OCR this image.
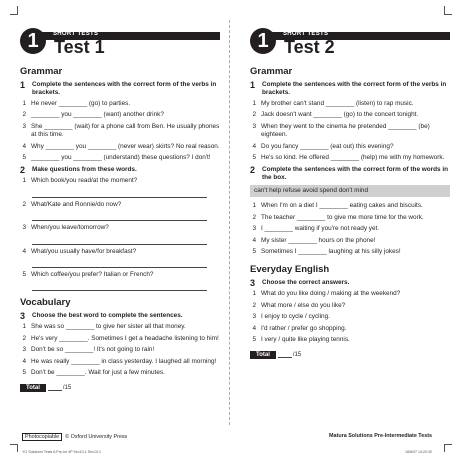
SHORT TESTS
1 Test 1
Grammar
1	Complete the sentences with the correct form of the verbs in brackets.
1 He never ________ (go) to parties.
2 ________ you ________ (want) another drink?
3 She ________ (wait) for a phone call from Ben. He usually phones at this time.
4 Why ________ you ________ (never wear) skirts? No real reason.
5 ________ you ________ (understand) these questions? I don't!
2	Make questions from these words.
1 Which book/you read/at the moment?
2 What/Kate and Ronnie/do now?
3 When/you leave/tomorrow?
4 What/you usually have/for breakfast?
5 Which coffee/you prefer? Italian or French?
Vocabulary
3	Choose the best word to complete the sentences.
1 She was so ________ to give her sister all that money.
2 He's very ________. Sometimes I get a headache listening to him!
3 Don't be so ________! It's not going to rain!
4 He was really ________ in class yesterday. I laughed all morning!
5 Don't be ________. Wait for just a few minutes.
Total	/15
SHORT TESTS
1 Test 2
Grammar
1	Complete the sentences with the correct form of the verbs in brackets.
1 My brother can't stand ________ (listen) to rap music.
2 Jack doesn't want ________ (go) to the concert tonight.
3 When they went to the cinema he pretended ________ (be) eighteen.
4 Do you fancy ________ (eat out) this evening?
5 He's so kind. He offered ________ (help) me with my homework.
2	Complete the sentences with the correct form of the words in the box.
can't help refuse avoid spend don't mind
1 When I'm on a diet I ________ eating cakes and biscuits.
2 The teacher ________ to give me more time for the work.
3 I ________ waiting if you're not ready yet.
4 My sister ________ hours on the phone!
5 Sometimes I ________ laughing at his silly jokes!
Everyday English
3	Choose the correct answers.
1 What do you like doing / making at the weekend?
2 What more / else do you like?
3 I enjoy to cycle / cycling.
4 I'd rather / prefer go shopping.
5 I very / quite like playing tennis.
Total	/15
Photocopiable	© Oxford University Press	Matura Solutions Pre-Intermediate Tests
YO Solutions Tests A Pre-Int 4P Sec10-1 Sec10:1	18/8/07 14:20:30
